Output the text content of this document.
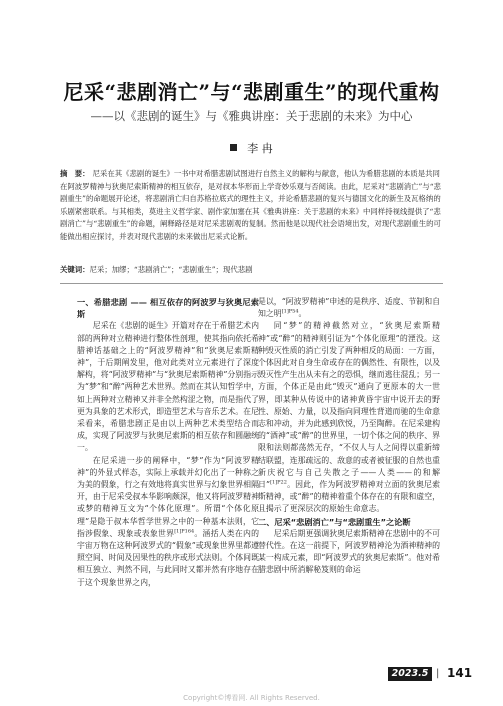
尼采“悲剧消亡”与“悲剧重生”的现代重构
——以《悲剧的诞生》与《雅典讲座：关于悲剧的未来》为中心
李 冉
摘　要： 尼采在其《悲剧的诞生》一书中对希腊悲剧试图进行自然主义的解构与献意，他认为希腊悲剧的本质是共同在阿波罗精神与狄奥尼索斯精神的相互依存，是对叔本华形而上学奇妙乐观与否阅读。由此，尼采对“悲剧消亡”与“悲剧重生”的命题展开论述，将悲剧消亡归自苏格拉底式的理性主义，并论希腊悲剧的复兴与德国文化的新生及瓦格纳的乐剧紧密联系。与其相类，莫进主义哲学家、剧作家加塞在其《雅典讲座：关于悲剧的未来》中同样持视线提供了“悲剧消亡”与“悲剧重生”的命题，阐释路径是对尼采悲剧观的复制。然而他是以现代社会语境出发，对现代悲剧重生的可能做出相应探讨，并表对现代悲剧的未来做出尼采式论断。
关键词：尼采；加缪；“悲剧消亡”；“悲剧重生”；现代悲剧
一、希腊悲剧 —— 相互依存的阿波罗与狄奥尼索斯

尼采在《悲剧的诞生》开篇对存在于希腊艺术内部的两种对立精神进行整体性剖理，使其指向依托希腊神话基础之上的“阿波罗精神”和“狄奥尼索斯精神”，于后期阐发里，他对此类对立元素进行了深度解构，将“阿波罗精神”与“狄奥尼索斯精神”分别指示为“梦”和“醉”两种艺术世界。然而在其认知哲学中，如上两种对立精神又并非全然构涩之物，而是指代了更为具象的艺术形式，即造型艺术与音乐艺术。在尼采看来，希腊悲剧正是由以上两种艺术类型结合而成，实现了阿波罗与狄奥尼索斯的相互依存和圆融统一。

在尼采进一步的阐释中，“梦”作为“阿波罗精神”的外显式样态，实际上承载并幻化出了一种称之为美的假象，行之有效地将真实世界与幻象世界相隔开，由于尼采受叔本华影响颇深，他又将阿波罗精神或梦的精神互文为“个体化原理”。所谓“个体化原理”是隐于叔本华哲学世界之中的一种基本法则，它指涉假象、现象或表象世界$^{[1]P164}$。涵括人类在内的宇宙万物在这种阿波罗式的“假象”或现象世界里都遵照空间、时间及因果性的秩序或形式法则。个体间既相互独立、判然不同，与此同时又都并然有序地存在于这个现象世界之内，

是以，“阿波罗精神”申述的是秩序、适度、节制和自知之明$^{[1]P54}$。

同“梦”的精神截然对立，“狄奥尼索斯精神”或“醉”的精神则引证为“个体化原理”的湮没。这种毁灭性质的消亡引发了两种相反的局面：一方面，个体因此对自身生命或存在的偶然性、有限性，以及毁灭性产生出从未有之的恐惧，继而逃往混乱；另一方面，个体正是由此“毁灭”通向了更原本的大一世界，即某种从传说中的诸神黄昏宇宙中说开去的野性、原始、力量，以及指向同理性背道而驰的生命意志和冲动，并为此感到欣悦，乃至陶醉。在尼采建构的“酒神”或“醉”的世界里，一切个体之间的秩序、界限和法则都荡然无存，“不仅人与人之间得以重新缔结联盟，连那疏远的、敌意的或者被征服的自然也重新庆祝它与自己失散之子——人类——的和解日”$^{[1]P22}$。因此，作为阿波罗精神对立面的狄奥尼索斯精神，或“醉”的精神着重个体存在的有限和虚空，且揭示了更深层次的原始生命意志。

二、尼采“悲剧消亡”与“悲剧重生”之论断

尼采后期更强调狄奥尼索斯精神在悲剧中的不可替代性。在这一前提下，阿波罗精神沦为酒神精神的某一构成元素，即“阿波罗式的狄奥尼索斯”。他对希腊悲剧中所消解秘笈则的命运

2023.5 | 141
Copyright©博看网. All Rights Reserved.
